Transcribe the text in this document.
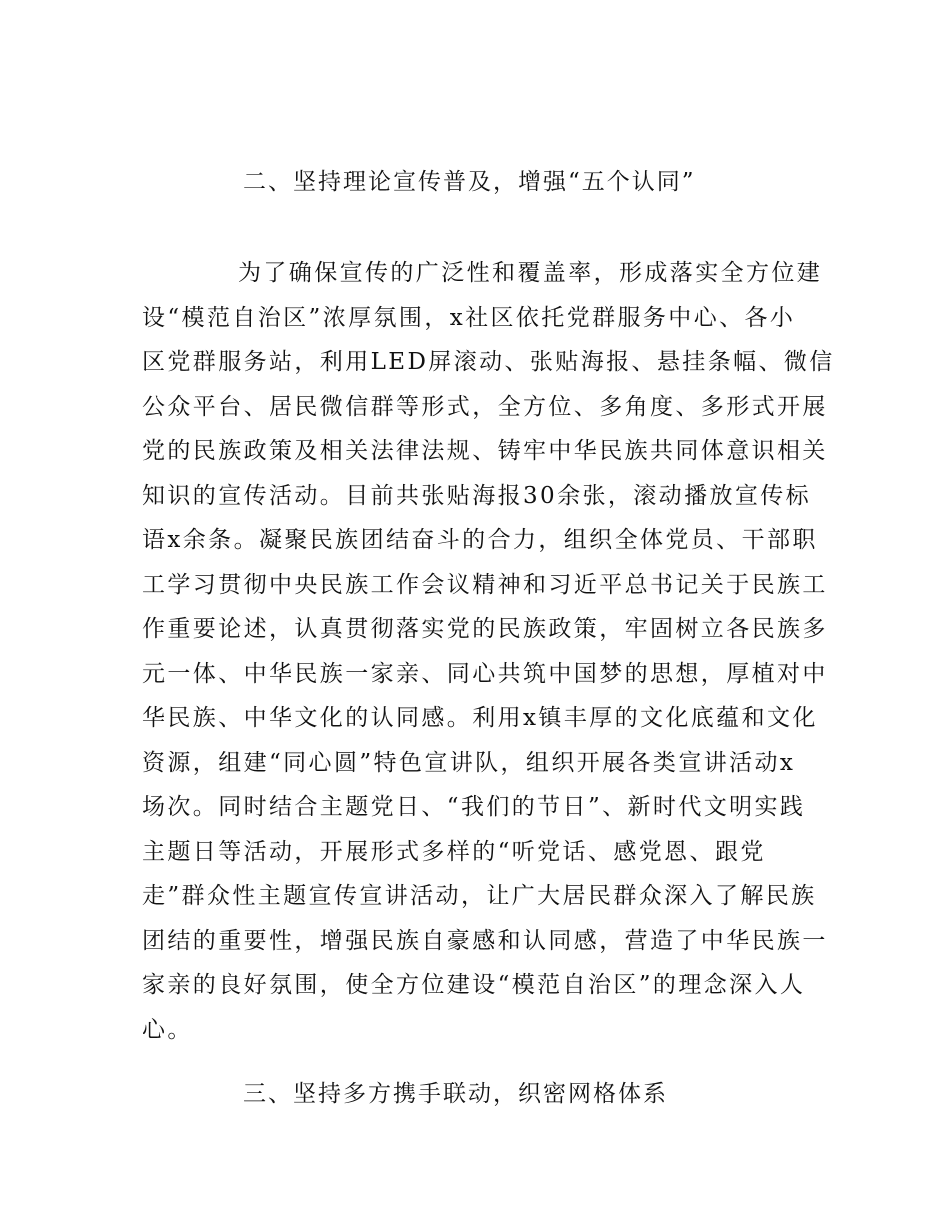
二、坚持理论宣传普及，增强“五个认同”
为了确保宣传的广泛性和覆盖率，形成落实全方位建
设“模范自治区”浓厚氛围，x社区依托党群服务中心、各小
区党群服务站，利用LED屏滚动、张贴海报、悬挂条幅、微信
公众平台、居民微信群等形式，全方位、多角度、多形式开展
党的民族政策及相关法律法规、铸牢中华民族共同体意识相关
知识的宣传活动。目前共张贴海报30余张，滚动播放宣传标
语x余条。凝聚民族团结奋斗的合力，组织全体党员、干部职
工学习贯彻中央民族工作会议精神和习近平总书记关于民族工
作重要论述，认真贯彻落实党的民族政策，牢固树立各民族多
元一体、中华民族一家亲、同心共筑中国梦的思想，厚植对中
华民族、中华文化的认同感。利用x镇丰厚的文化底蕴和文化
资源，组建“同心圆”特色宣讲队，组织开展各类宣讲活动x
场次。同时结合主题党日、“我们的节日”、新时代文明实践
主题日等活动，开展形式多样的“听党话、感党恩、跟党
走”群众性主题宣传宣讲活动，让广大居民群众深入了解民族
团结的重要性，增强民族自豪感和认同感，营造了中华民族一
家亲的良好氛围，使全方位建设“模范自治区”的理念深入人
心。
三、坚持多方携手联动，织密网格体系
